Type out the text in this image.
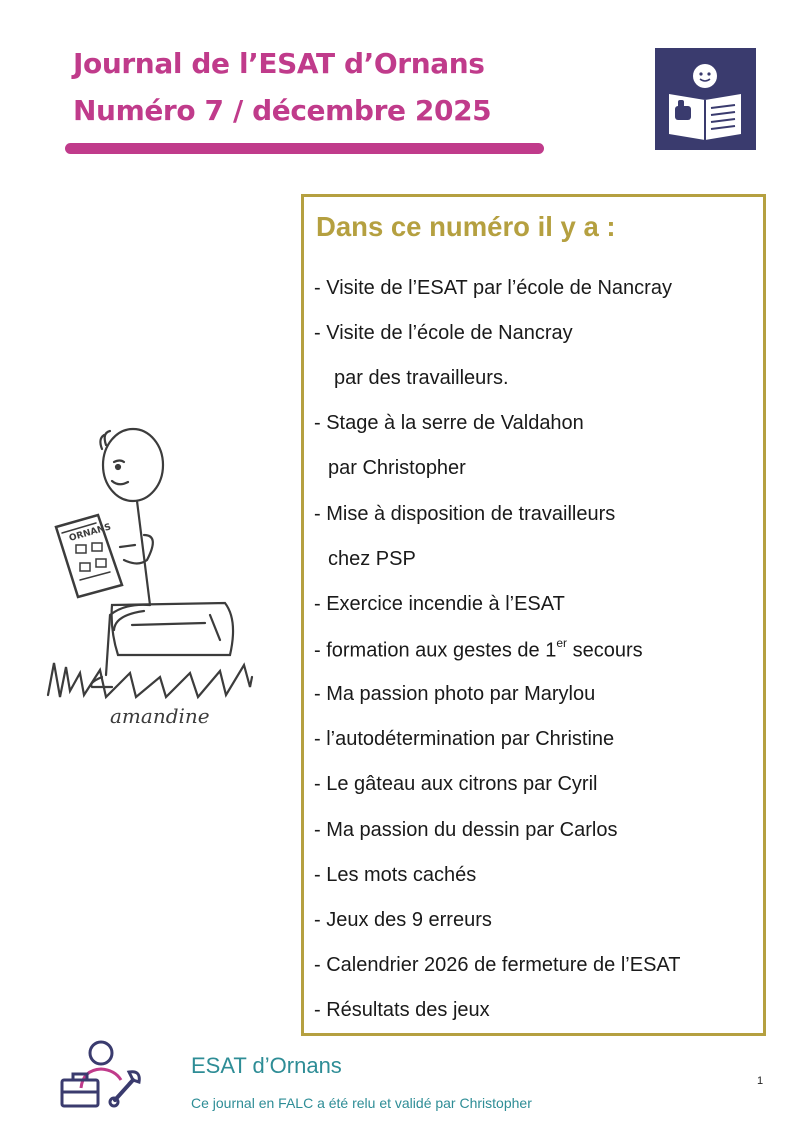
Journal de l’ESAT d’Ornans
Numéro 7 / décembre 2025
ORNANS
amandine
Dans ce numéro il y a :
- Visite de l’ESAT par l’école de Nancray
- Visite de l’école de Nancray
par des travailleurs.
- Stage à la serre de Valdahon
par Christopher
- Mise à disposition de travailleurs
chez PSP
- Exercice incendie à l’ESAT
- formation aux gestes de 1er secours
- Ma passion photo par Marylou
- l’autodétermination par Christine
- Le gâteau aux citrons par Cyril
- Ma passion du dessin par Carlos
- Les mots cachés
- Jeux des 9 erreurs
- Calendrier 2026 de fermeture de l’ESAT
- Résultats des jeux
ESAT d’Ornans
Ce journal en FALC a été relu et validé par Christopher
1
